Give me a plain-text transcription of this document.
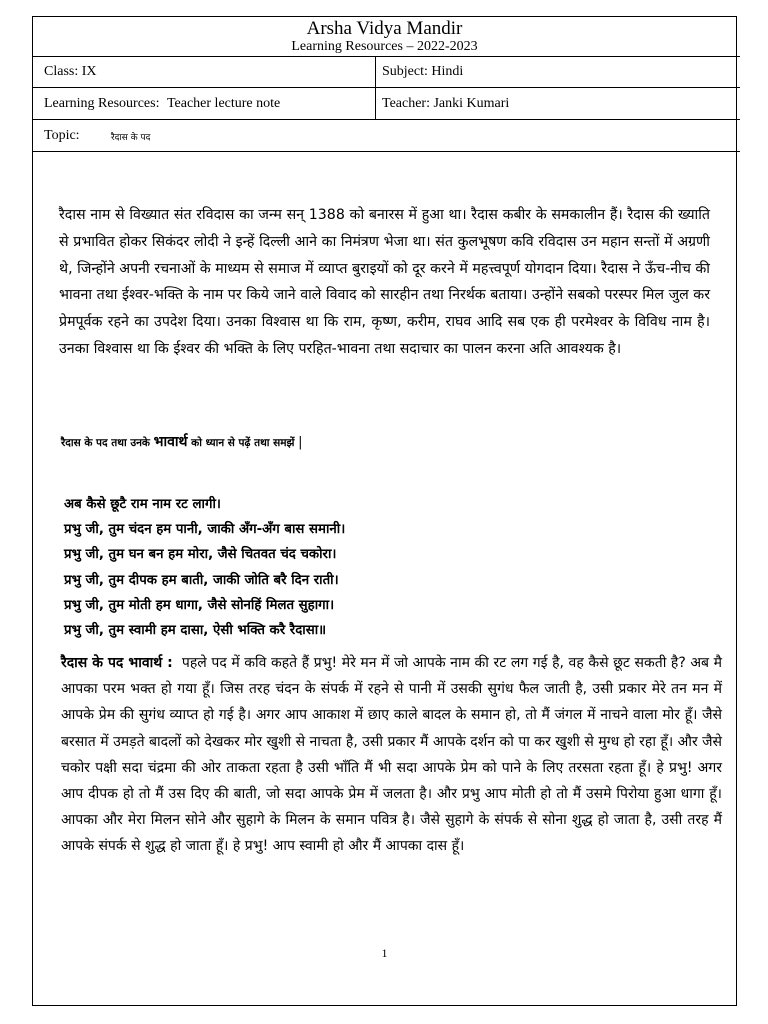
Arsha Vidya Mandir
Learning Resources – 2022-2023
Class: IX	Subject: Hindi
Learning Resources: Teacher lecture note	Teacher: Janki Kumari
Topic:	रैदास के पद
रैदास नाम से विख्यात संत रविदास का जन्म सन् 1388 को बनारस में हुआ था। रैदास कबीर के समकालीन हैं। रैदास की ख्याति से प्रभावित होकर सिकंदर लोदी ने इन्हें दिल्ली आने का निमंत्रण भेजा था। संत कुलभूषण कवि रविदास उन महान सन्तों में अग्रणी थे, जिन्होंने अपनी रचनाओं के माध्यम से समाज में व्याप्त बुराइयों को दूर करने में महत्त्वपूर्ण योगदान दिया। रैदास ने ऊँच-नीच की भावना तथा ईश्वर-भक्ति के नाम पर किये जाने वाले विवाद को सारहीन तथा निरर्थक बताया। उन्होंने सबको परस्पर मिल जुल कर प्रेमपूर्वक रहने का उपदेश दिया। उनका विश्वास था कि राम, कृष्ण, करीम, राघव आदि सब एक ही परमेश्वर के विविध नाम है। उनका विश्वास था कि ईश्वर की भक्ति के लिए परहित-भावना तथा सदाचार का पालन करना अति आवश्यक है।
रैदास के पद तथा उनके भावार्थ को ध्यान से पढ़ें तथा समझें |
अब कैसे छूटै राम नाम रट लागी।
प्रभु जी, तुम चंदन हम पानी, जाकी अँग-अँग बास समानी।
प्रभु जी, तुम घन बन हम मोरा, जैसे चितवत चंद चकोरा।
प्रभु जी, तुम दीपक हम बाती, जाकी जोति बरै दिन राती।
प्रभु जी, तुम मोती हम धागा, जैसे सोनहिं मिलत सुहागा।
प्रभु जी, तुम स्वामी हम दासा, ऐसी भक्ति करै रैदासा॥
रैदास के पद भावार्थ : पहले पद में कवि कहते हैं प्रभु! मेरे मन में जो आपके नाम की रट लग गई है, वह कैसे छूट सकती है? अब मै आपका परम भक्त हो गया हूँ। जिस तरह चंदन के संपर्क में रहने से पानी में उसकी सुगंध फैल जाती है, उसी प्रकार मेरे तन मन में आपके प्रेम की सुगंध व्याप्त हो गई है। अगर आप आकाश में छाए काले बादल के समान हो, तो मैं जंगल में नाचने वाला मोर हूँ। जैसे बरसात में उमड़ते बादलों को देखकर मोर खुशी से नाचता है, उसी प्रकार मैं आपके दर्शन को पा कर खुशी से मुग्ध हो रहा हूँ। और जैसे चकोर पक्षी सदा चंद्रमा की ओर ताकता रहता है उसी भाँति मैं भी सदा आपके प्रेम को पाने के लिए तरसता रहता हूँ। हे प्रभु! अगर आप दीपक हो तो मैं उस दिए की बाती, जो सदा आपके प्रेम में जलता है। और प्रभु आप मोती हो तो मैं उसमे पिरोया हुआ धागा हूँ। आपका और मेरा मिलन सोने और सुहागे के मिलन के समान पवित्र है। जैसे सुहागे के संपर्क से सोना शुद्ध हो जाता है, उसी तरह मैं आपके संपर्क से शुद्ध हो जाता हूँ। हे प्रभु! आप स्वामी हो और मैं आपका दास हूँ।
1
